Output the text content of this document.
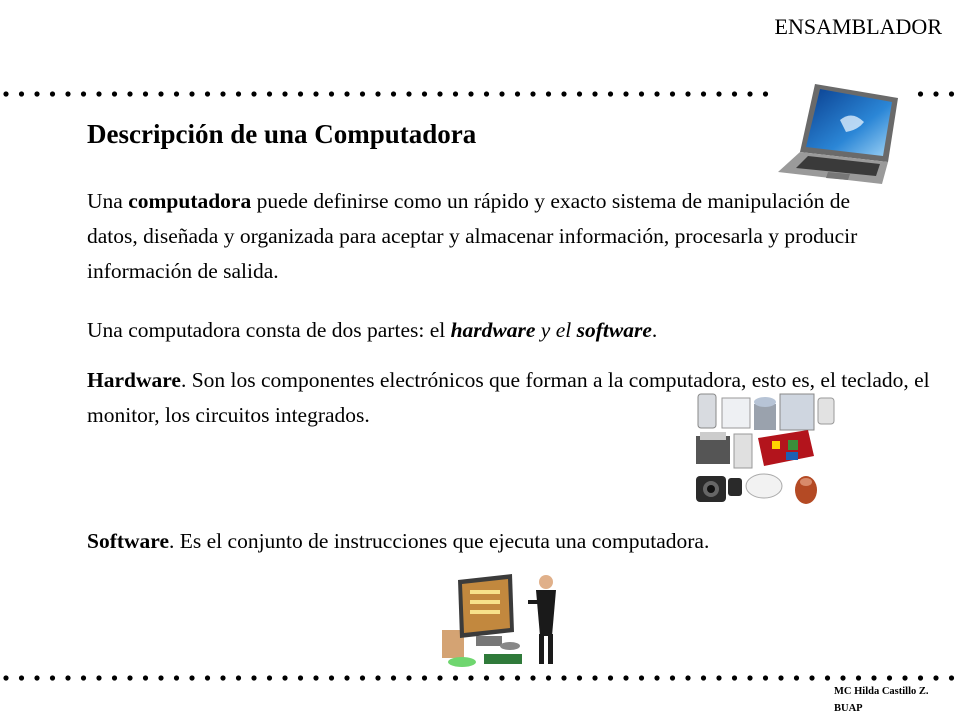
ENSAMBLADOR
Descripción de una Computadora

Una computadora puede definirse como un rápido y exacto sistema de manipulación de datos, diseñada y organizada para aceptar y almacenar información, procesarla y producir información de salida.

Una computadora consta de dos partes: el hardware y el software.

Hardware. Son los componentes electrónicos que forman a la computadora, esto es, el teclado, el monitor, los circuitos integrados.

Software. Es el conjunto de instrucciones que ejecuta una computadora.

MC Hilda Castillo Z.
BUAP
